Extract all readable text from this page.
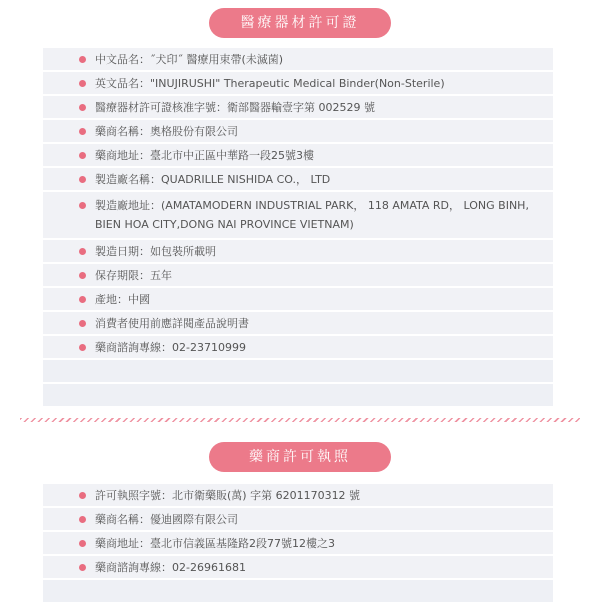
醫療器材許可證
中文品名：˝犬印˝ 醫療用束帶(未滅菌)
英文品名："INUJIRUSHI" Therapeutic Medical Binder(Non-Sterile)
醫療器材許可證核准字號：衛部醫器輸壹字第 002529 號
藥商名稱：奧格股份有限公司
藥商地址：臺北市中正區中華路一段25號3樓
製造廠名稱：QUADRILLE NISHIDA CO.， LTD
製造廠地址：(AMATAMODERN INDUSTRIAL PARK， 118 AMATA RD， LONG BINH, BIEN HOA CITY,DONG NAI PROVINCE VIETNAM)
製造日期：如包裝所載明
保存期限：五年
產地：中國
消費者使用前應詳閱產品說明書
藥商諮詢專線：02-23710999
藥商許可執照
許可執照字號：北市衛藥販(萬) 字第 6201170312 號
藥商名稱：優迪國際有限公司
藥商地址：臺北市信義區基隆路2段77號12樓之3
藥商諮詢專線：02-26961681
